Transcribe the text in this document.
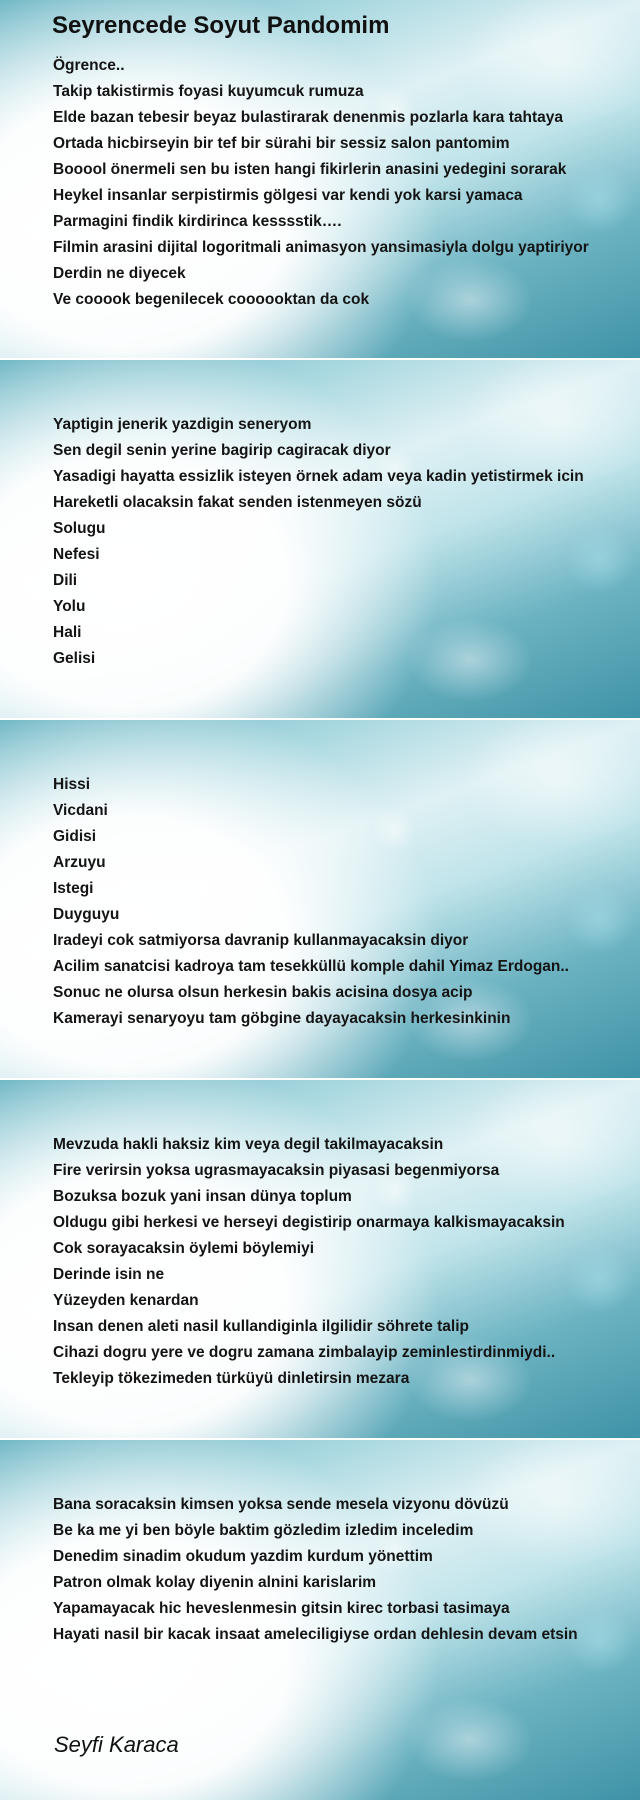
Seyrencede Soyut Pandomim
Ögrence..
Takip takistirmis foyasi kuyumcuk rumuza
Elde bazan tebesir beyaz bulastirarak denenmis pozlarla kara tahtaya
Ortada hicbirseyin bir tef bir sürahi bir sessiz salon pantomim
Booool önermeli sen bu isten hangi fikirlerin anasini yedegini sorarak
Heykel insanlar serpistirmis gölgesi var kendi yok karsi yamaca
Parmagini findik kirdirinca kesssstik….
Filmin arasini dijital logoritmali animasyon yansimasiyla dolgu yaptiriyor
Derdin ne diyecek
Ve cooook begenilecek coooooktan da cok
Yaptigin jenerik yazdigin seneryom
Sen degil senin yerine bagirip cagiracak diyor
Yasadigi hayatta essizlik isteyen örnek adam veya kadin yetistirmek icin
Hareketli olacaksin fakat senden istenmeyen sözü
Solugu
Nefesi
Dili
Yolu
Hali
Gelisi
Hissi
Vicdani
Gidisi
Arzuyu
Istegi
Duyguyu
Iradeyi cok satmiyorsa davranip kullanmayacaksin diyor
Acilim sanatcisi kadroya tam tesekküllü komple dahil Yimaz Erdogan..
Sonuc ne olursa olsun herkesin bakis acisina dosya acip
Kamerayi senaryoyu tam göbgine dayayacaksin herkesinkinin
Mevzuda hakli haksiz kim veya degil takilmayacaksin
Fire verirsin yoksa ugrasmayacaksin piyasasi begenmiyorsa
Bozuksa bozuk yani insan dünya toplum
Oldugu gibi herkesi ve herseyi degistirip onarmaya kalkismayacaksin
Cok sorayacaksin öylemi böylemiyi
Derinde isin ne
Yüzeyden kenardan
Insan denen aleti nasil kullandiginla ilgilidir söhrete talip
Cihazi dogru yere ve dogru zamana zimbalayip zeminlestirdinmiydi..
Tekleyip tökezimeden türküyü dinletirsin mezara
Bana soracaksin kimsen yoksa sende mesela vizyonu dövüzü
Be ka me yi ben böyle baktim gözledim izledim inceledim
Denedim sinadim okudum yazdim kurdum yönettim
Patron olmak kolay diyenin alnini karislarim
Yapamayacak hic heveslenmesin gitsin kirec torbasi tasimaya
Hayati nasil bir kacak insaat ameleciligiyse ordan dehlesin devam etsin
Seyfi Karaca
